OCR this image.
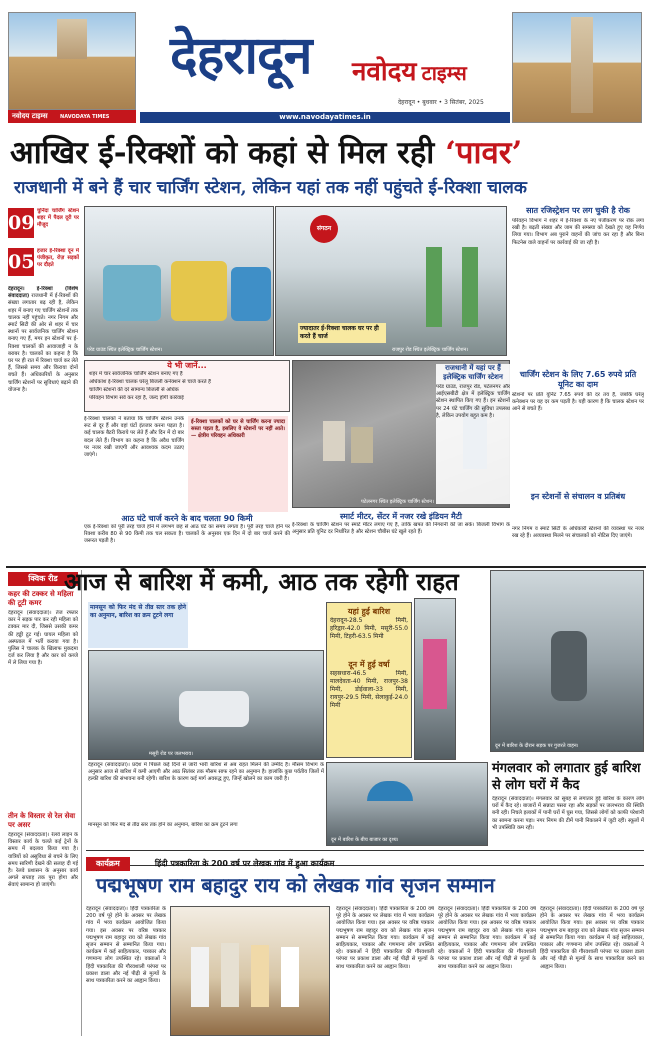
नवोदय टाइम्स NAVODAYA TIMES
देहरादून नवोदय टाइम्स
देहरादून • बुधवार • 3 सितंबर, 2025
www.navodayatimes.in
आखिर ई-रिक्शों को कहां से मिल रही ‘पावर’
राजधानी में बने हैं चार चार्जिंग स्टेशन, लेकिन यहां तक नहीं पहुंचते ई-रिक्शा चालक
09
चुनिंदा चार्जिंग स्टेशन शहर में पैदल दूरी पर मौजूद
05 हजार ई-रिक्शा दून में पंजीकृत, रोज़ सड़कों पर दौड़ते
परेड ग्राउंड स्थित इलेक्ट्रिक चार्जिंग स्टेशन।
संगठन
ज्यादातर ई-रिक्शा चालक घर पर ही करते हैं चार्ज
राजपुर रोड स्थित इलेक्ट्रिक चार्जिंग स्टेशन।
सात रजिस्ट्रेशन पर लग चुकी है रोक
परिवहन विभाग ने शहर में ई-रिक्शा के नए पंजीकरण पर रोक लगा रखी है। बढ़ती संख्या और जाम की समस्या को देखते हुए यह निर्णय लिया गया। विभाग अब पुराने वाहनों की जांच कर रहा है और बिना फिटनेस वाले वाहनों पर कार्रवाई की जा रही है।
चार्जिंग स्टेशन के लिए 7.65 रुपये प्रति यूनिट का दाम
स्टेशनों पर प्रति यूनिट 7.65 रुपये की दर तय है, जबकि घरेलू कनेक्शन पर यह दर कम पड़ती है। यही कारण है कि चालक स्टेशन पर आने से बचते हैं।
इन स्टेशनों से संचालन व प्रतिबंध
देहरादून। ई-रिक्शा (विशेष संवाददाता) राजधानी में ई-रिक्शों की संख्या लगातार बढ़ रही है, लेकिन शहर में बनाए गए चार्जिंग स्टेशनों तक चालक नहीं पहुंचते। नगर निगम और स्मार्ट सिटी की ओर से शहर में चार स्थानों पर सार्वजनिक चार्जिंग स्टेशन बनाए गए हैं, मगर इन स्टेशनों पर ई-रिक्शा चालकों की आवाजाही न के बराबर है। चालकों का कहना है कि घर पर ही रात में रिक्शा चार्ज कर लेते हैं, जिससे समय और किराया दोनों बचते हैं। अधिकारियों के अनुसार चार्जिंग स्टेशनों पर सुविधाएं बढ़ाने की योजना है।
ये भी जानें...
शहर में चार सार्वजनिक चार्जिंग स्टेशन बनाए गए हैं
अधिकांश ई-रिक्शा चालक घरेलू बिजली कनेक्शन से चार्ज करते हैं
चार्जिंग स्टेशनों की दरें सामान्य बिजली से अधिक
परिवहन विभाग सर्वे कर रहा है, जल्द होगी कार्रवाई
ई-रिक्शा चालकों ने बताया कि चार्जिंग स्टेशन उनके रूट से दूर हैं और वहां घंटों इंतजार करना पड़ता है। कई चालक बैटरी किराये पर लेते हैं और दिन में दो बार बदल लेते हैं। विभाग का कहना है कि अवैध चार्जिंग पर नजर रखी जाएगी और आवश्यक कदम उठाए जाएंगे।
ई-रिक्शा चालकों को घर से चार्जिंग करना ज्यादा सस्ता पड़ता है, इसलिए वे स्टेशनों पर नहीं आते। — क्षेत्रीय परिवहन अधिकारी
पटेलनगर स्थित इलेक्ट्रिक चार्जिंग स्टेशन।
राजधानी में यहां पर हैं इलेक्ट्रिक चार्जिंग स्टेशन
परेड ग्राउंड, राजपुर रोड, पटेलनगर और आईएसबीटी क्षेत्र में इलेक्ट्रिक चार्जिंग स्टेशन स्थापित किए गए हैं। इन स्टेशनों पर 24 घंटे चार्जिंग की सुविधा उपलब्ध है, लेकिन उपयोग बहुत कम है।
आठ घंटे चार्ज करने के बाद चलता 90 किमी
एक ई-रिक्शा को पूरी तरह चार्ज होने में लगभग छह से आठ घंटे का समय लगता है। पूरी तरह चार्ज होने पर रिक्शा करीब 80 से 90 किमी तक चल सकता है। चालकों के अनुसार एक दिन में दो बार चार्ज करने की जरूरत पड़ती है।
स्मार्ट मीटर, सेंटर में नजर रखे इंडियन मैटी
ई-रिक्शा के चार्जिंग स्टेशन पर स्मार्ट मीटर लगाए गए हैं, ताकि खपत की निगरानी की जा सके। बिजली विभाग के अनुसार प्रति यूनिट दर निर्धारित है और स्टेशन चौबीस घंटे खुले रहते हैं।
नगर निगम व स्मार्ट सिटी के अधिकारी स्टेशनों की व्यवस्था पर नजर रख रहे हैं। अव्यवस्था मिलने पर संचालकों को नोटिस दिए जाएंगे।
क्विक रीड
कहर की टक्कर से महिला की टूटी कमर
देहरादून (संवाददाता)। तेज रफ्तार कार ने सड़क पार कर रही महिला को टक्कर मार दी, जिससे उसकी कमर की हड्डी टूट गई। घायल महिला को अस्पताल में भर्ती कराया गया है। पुलिस ने चालक के खिलाफ मुकदमा दर्ज कर लिया है और कार को कब्जे में ले लिया गया है।
तीन के विस्तार से रेल सेवा पर असर
देहरादून (संवाददाता)। रेलवे लाइन के विस्तार कार्य के चलते कई ट्रेनों के समय में बदलाव किया गया है। यात्रियों को असुविधा से बचने के लिए समय सारिणी देखने की सलाह दी गई है। रेलवे प्रशासन के अनुसार कार्य अगले सप्ताह तक पूरा होगा और सेवाएं सामान्य हो जाएंगी।
आज से बारिश में कमी, आठ तक रहेगी राहत
मानसून को फिर मंद से तीव्र स्तर तक होने का अनुमान, बारिश का क्रम टूटने लगा
मसूरी रोड पर जलभराव।
यहां हुई बारिश
देहरादून-28.5 मिमी, हरिद्वार-42.0 मिमी, मसूरी-55.0 मिमी, टिहरी-63.5 मिमी
दून में हुई वर्षा
सहस्रधारा-46.5 मिमी, मालदेवता-40 मिमी, राजपुर-38 मिमी, डोईवाला-33 मिमी, रायपुर-29.5 मिमी, सेलाकुई-24.0 मिमी
दून में बारिश के दौरान सड़क पर गुजरते वाहन।
देहरादून (संवाददाता)। प्रदेश में पिछले कई दिनों से जारी भारी बारिश से अब राहत मिलने की उम्मीद है। मौसम विभाग के अनुसार आज से बारिश में कमी आएगी और आठ सितंबर तक मौसम साफ रहने का अनुमान है। हालांकि कुछ पर्वतीय जिलों में हल्की बारिश की संभावना बनी रहेगी। बारिश के कारण कई मार्ग अवरुद्ध हुए, जिन्हें खोलने का काम जारी है।
दून में बारिश के बीच बाजार का दृश्य।
मंगलवार को लगातार हुई बारिश से लोग घरों में कैद
देहरादून (संवाददाता)। मंगलवार को सुबह से लगातार हुई बारिश के कारण लोग घरों में कैद रहे। बाजारों में सन्नाटा पसरा रहा और सड़कों पर जलभराव की स्थिति बनी रही। निचले इलाकों में पानी घरों में घुस गया, जिससे लोगों को काफी परेशानी का सामना करना पड़ा। नगर निगम की टीमें पानी निकालने में जुटी रहीं। स्कूलों में भी उपस्थिति कम रही।
मानसून को फिर मंद से तीव्र स्तर तक होने का अनुमान, बारिश का क्रम टूटने लगा
कार्यक्रम	हिंदी पत्रकारिता के 200 वर्ष पर लेखक गांव में हुआ कार्यक्रम
पद्मभूषण राम बहादुर राय को लेखक गांव सृजन सम्मान
देहरादून (संवाददाता)। हिंदी पत्रकारिता के 200 वर्ष पूरे होने के अवसर पर लेखक गांव में भव्य कार्यक्रम आयोजित किया गया। इस अवसर पर वरिष्ठ पत्रकार पद्मभूषण राम बहादुर राय को लेखक गांव सृजन सम्मान से सम्मानित किया गया। कार्यक्रम में कई साहित्यकार, पत्रकार और गणमान्य लोग उपस्थित रहे। वक्ताओं ने हिंदी पत्रकारिता की गौरवशाली परंपरा पर प्रकाश डाला और नई पीढ़ी से मूल्यों के साथ पत्रकारिता करने का आह्वान किया।
देहरादून (संवाददाता)। हिंदी पत्रकारिता के 200 वर्ष पूरे होने के अवसर पर लेखक गांव में भव्य कार्यक्रम आयोजित किया गया। इस अवसर पर वरिष्ठ पत्रकार पद्मभूषण राम बहादुर राय को लेखक गांव सृजन सम्मान से सम्मानित किया गया। कार्यक्रम में कई साहित्यकार, पत्रकार और गणमान्य लोग उपस्थित रहे। वक्ताओं ने हिंदी पत्रकारिता की गौरवशाली परंपरा पर प्रकाश डाला और नई पीढ़ी से मूल्यों के साथ पत्रकारिता करने का आह्वान किया।
देहरादून (संवाददाता)। हिंदी पत्रकारिता के 200 वर्ष पूरे होने के अवसर पर लेखक गांव में भव्य कार्यक्रम आयोजित किया गया। इस अवसर पर वरिष्ठ पत्रकार पद्मभूषण राम बहादुर राय को लेखक गांव सृजन सम्मान से सम्मानित किया गया। कार्यक्रम में कई साहित्यकार, पत्रकार और गणमान्य लोग उपस्थित रहे। वक्ताओं ने हिंदी पत्रकारिता की गौरवशाली परंपरा पर प्रकाश डाला और नई पीढ़ी से मूल्यों के साथ पत्रकारिता करने का आह्वान किया।
देहरादून (संवाददाता)। हिंदी पत्रकारिता के 200 वर्ष पूरे होने के अवसर पर लेखक गांव में भव्य कार्यक्रम आयोजित किया गया। इस अवसर पर वरिष्ठ पत्रकार पद्मभूषण राम बहादुर राय को लेखक गांव सृजन सम्मान से सम्मानित किया गया। कार्यक्रम में कई साहित्यकार, पत्रकार और गणमान्य लोग उपस्थित रहे। वक्ताओं ने हिंदी पत्रकारिता की गौरवशाली परंपरा पर प्रकाश डाला और नई पीढ़ी से मूल्यों के साथ पत्रकारिता करने का आह्वान किया।
